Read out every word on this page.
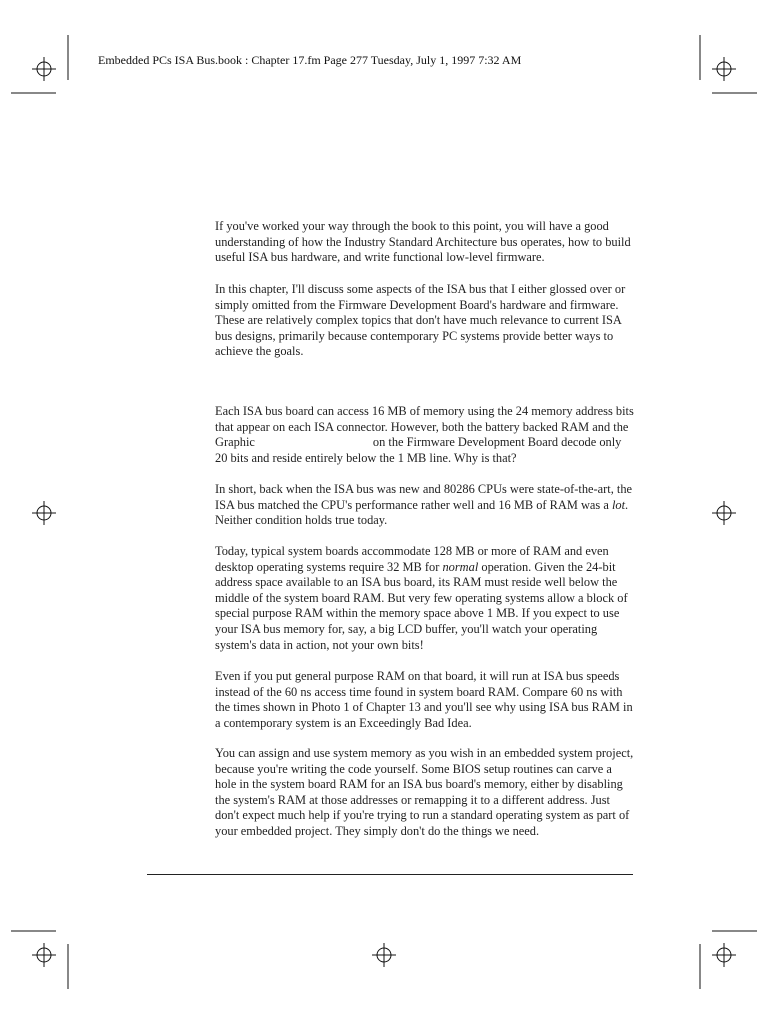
Embedded PCs ISA Bus.book : Chapter 17.fm Page 277 Tuesday, July 1, 1997 7:32 AM

If you've worked your way through the book to this point, you will have a good understanding of how the Industry Standard Architecture bus operates, how to build useful ISA bus hardware, and write functional low-level firmware.

In this chapter, I'll discuss some aspects of the ISA bus that I either glossed over or simply omitted from the Firmware Development Board's hardware and firmware. These are relatively complex topics that don't have much relevance to current ISA bus designs, primarily because contemporary PC systems provide better ways to achieve the goals.

Each ISA bus board can access 16 MB of memory using the 24 memory address bits that appear on each ISA connector. However, both the battery backed RAM and the Graphic	on the Firmware Development Board decode only 20 bits and reside entirely below the 1 MB line. Why is that?

In short, back when the ISA bus was new and 80286 CPUs were state-of-the-art, the ISA bus matched the CPU's performance rather well and 16 MB of RAM was a lot. Neither condition holds true today.

Today, typical system boards accommodate 128 MB or more of RAM and even desktop operating systems require 32 MB for normal operation. Given the 24-bit address space available to an ISA bus board, its RAM must reside well below the middle of the system board RAM. But very few operating systems allow a block of special purpose RAM within the memory space above 1 MB. If you expect to use your ISA bus memory for, say, a big LCD buffer, you'll watch your operating system's data in action, not your own bits!

Even if you put general purpose RAM on that board, it will run at ISA bus speeds instead of the 60 ns access time found in system board RAM. Compare 60 ns with the times shown in Photo 1 of Chapter 13 and you'll see why using ISA bus RAM in a contemporary system is an Exceedingly Bad Idea.

You can assign and use system memory as you wish in an embedded system project, because you're writing the code yourself. Some BIOS setup routines can carve a hole in the system board RAM for an ISA bus board's memory, either by disabling the system's RAM at those addresses or remapping it to a different address. Just don't expect much help if you're trying to run a standard operating system as part of your embedded project. They simply don't do the things we need.
